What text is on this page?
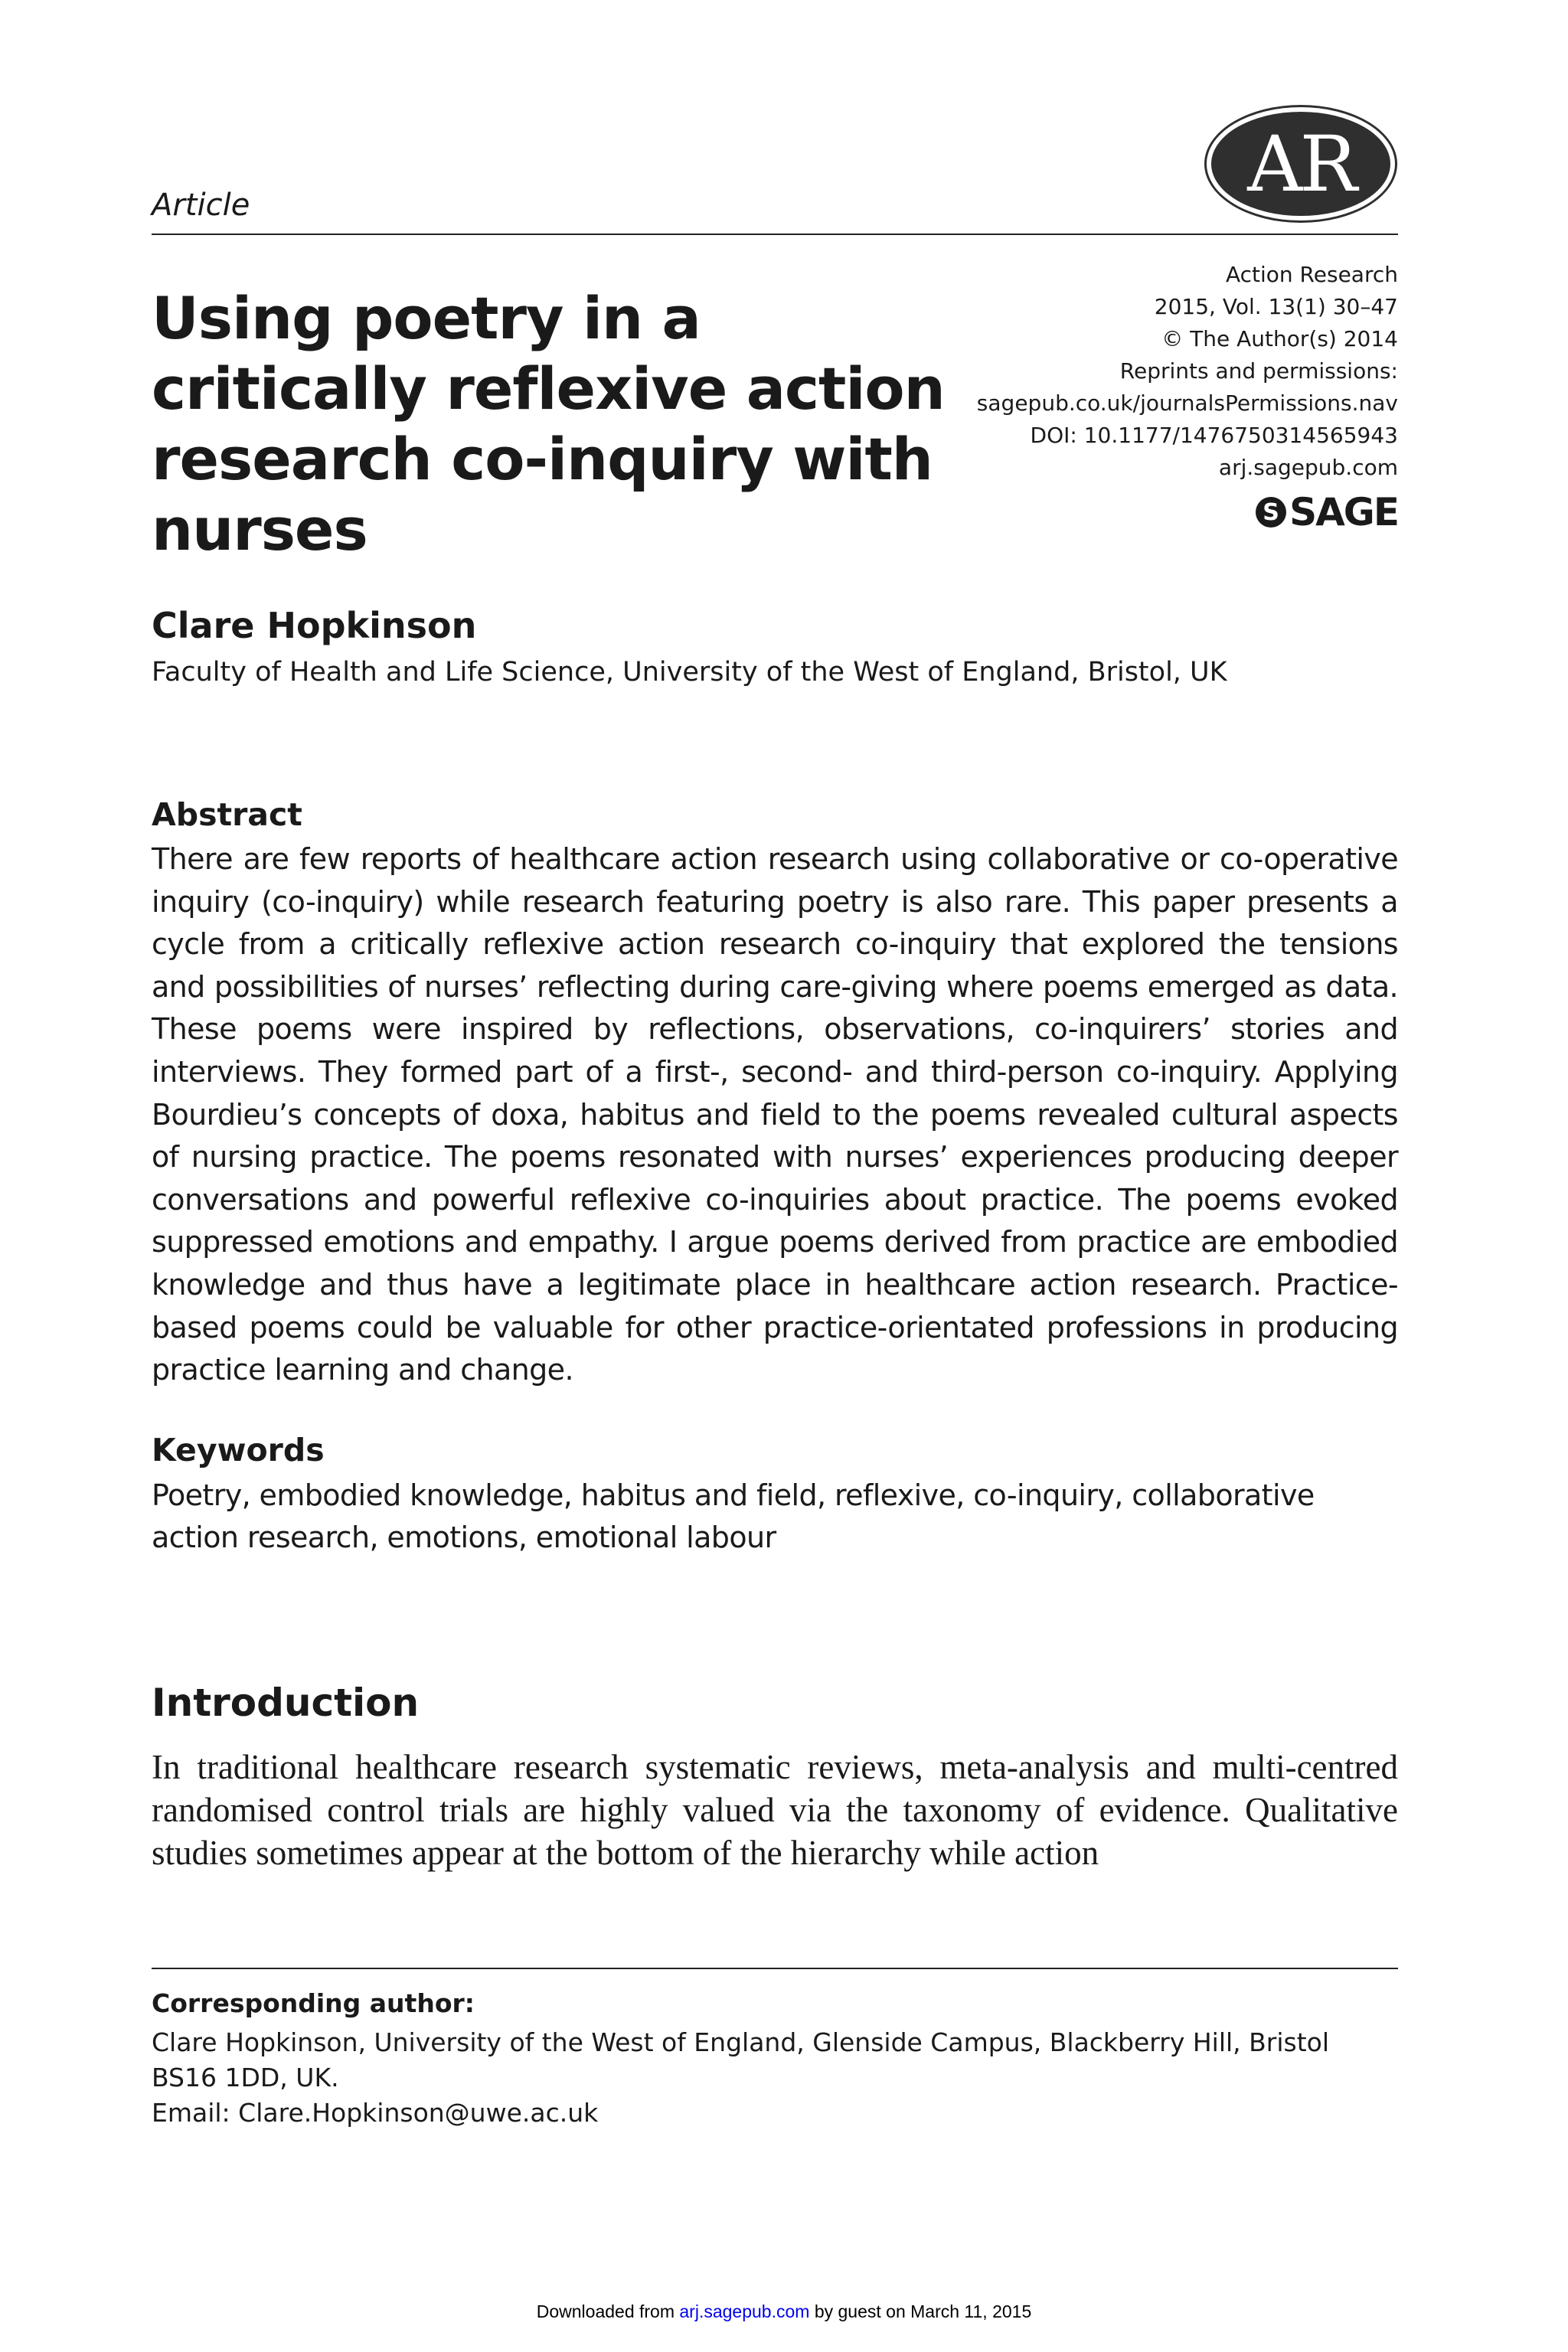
Article	AR
Using poetry in a critically reflexive action research co-inquiry with nurses
Action Research
2015, Vol. 13(1) 30–47
© The Author(s) 2014
Reprints and permissions:
sagepub.co.uk/journalsPermissions.nav
DOI: 10.1177/1476750314565943
arj.sagepub.com
S SAGE
Clare Hopkinson
Faculty of Health and Life Science, University of the West of England, Bristol, UK
Abstract
There are few reports of healthcare action research using collaborative or co-operative inquiry (co-inquiry) while research featuring poetry is also rare. This paper presents a cycle from a critically reflexive action research co-inquiry that explored the tensions and possibilities of nurses’ reflecting during care-giving where poems emerged as data. These poems were inspired by reflections, observations, co-inquirers’ stories and interviews. They formed part of a first-, second- and third-person co-inquiry. Applying Bourdieu’s concepts of doxa, habitus and field to the poems revealed cultural aspects of nursing practice. The poems resonated with nurses’ experiences producing deeper conversations and powerful reflexive co-inquiries about practice. The poems evoked suppressed emotions and empathy. I argue poems derived from practice are embodied knowledge and thus have a legitimate place in healthcare action research. Practice-based poems could be valuable for other practice-orientated professions in producing practice learning and change.
Keywords
Poetry, embodied knowledge, habitus and field, reflexive, co-inquiry, collaborative action research, emotions, emotional labour
Introduction
In traditional healthcare research systematic reviews, meta-analysis and multi-centred randomised control trials are highly valued via the taxonomy of evidence. Qualitative studies sometimes appear at the bottom of the hierarchy while action
Corresponding author:
Clare Hopkinson, University of the West of England, Glenside Campus, Blackberry Hill, Bristol
BS16 1DD, UK.
Email: Clare.Hopkinson@uwe.ac.uk
Downloaded from arj.sagepub.com by guest on March 11, 2015
